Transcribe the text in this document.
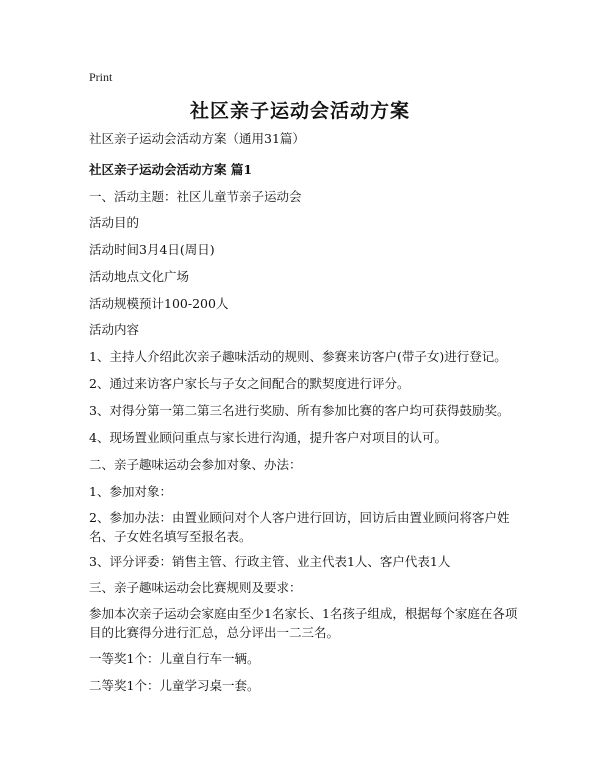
Print
社区亲子运动会活动方案
社区亲子运动会活动方案（通用31篇）
社区亲子运动会活动方案 篇1
一、活动主题：社区儿童节亲子运动会
活动目的
活动时间3月4日(周日)
活动地点文化广场
活动规模预计100-200人
活动内容
1、主持人介绍此次亲子趣味活动的规则、参赛来访客户(带子女)进行登记。
2、通过来访客户家长与子女之间配合的默契度进行评分。
3、对得分第一第二第三名进行奖励、所有参加比赛的客户均可获得鼓励奖。
4、现场置业顾问重点与家长进行沟通，提升客户对项目的认可。
二、亲子趣味运动会参加对象、办法：
1、参加对象：
2、参加办法：由置业顾问对个人客户进行回访，回访后由置业顾问将客户姓名、子女姓名填写至报名表。
3、评分评委：销售主管、行政主管、业主代表1人、客户代表1人
三、亲子趣味运动会比赛规则及要求：
参加本次亲子运动会家庭由至少1名家长、1名孩子组成，根据每个家庭在各项目的比赛得分进行汇总，总分评出一二三名。
一等奖1个：儿童自行车一辆。
二等奖1个：儿童学习桌一套。
